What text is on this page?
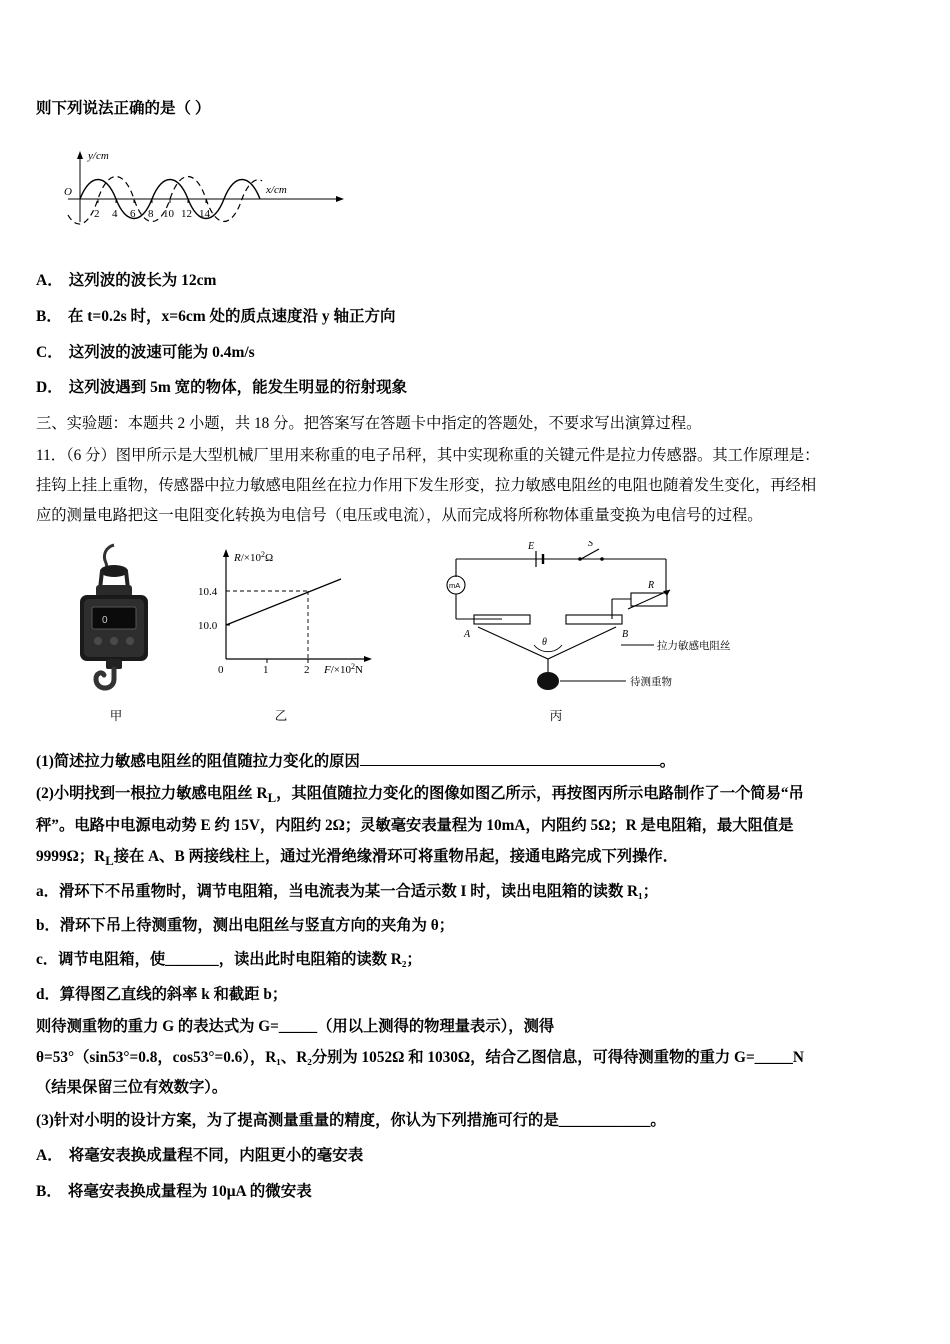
则下列说法正确的是（ ）
y/cm
x/cm
O
2 4 6 8 10 12 14
A． 这列波的波长为 12cm
B． 在 t=0.2s 时，x=6cm 处的质点速度沿 y 轴正方向
C． 这列波的波速可能为 0.4m/s
D． 这列波遇到 5m 宽的物体，能发生明显的衍射现象
三、实验题：本题共 2 小题，共 18 分。把答案写在答题卡中指定的答题处，不要求写出演算过程。
11．（6 分）图甲所示是大型机械厂里用来称重的电子吊秤，其中实现称重的关键元件是拉力传感器。其工作原理是：
挂钩上挂上重物，传感器中拉力敏感电阻丝在拉力作用下发生形变，拉力敏感电阻丝的电阻也随着发生变化，再经相
应的测量电路把这一电阻变化转换为电信号（电压或电流），从而完成将所称物体重量变换为电信号的过程。
0
甲
$R/\times 10^2\Omega$
10.4
10.0
0	1	2 $F/\times 10^2N$
乙
mA
E	S
R
A	B
θ	拉力敏感电阻丝
待测重物
丙
(1)简述拉力敏感电阻丝的阻值随拉力变化的原因	。
(2)小明找到一根拉力敏感电阻丝 $R_L$，其阻值随拉力变化的图像如图乙所示，再按图丙所示电路制作了一个简易“吊
秤”。电路中电源电动势 E 约 15V，内阻约 2Ω；灵敏毫安表量程为 10mA，内阻约 5Ω；R 是电阻箱，最大阻值是
9999Ω；$R_L$接在 A、B 两接线柱上，通过光滑绝缘滑环可将重物吊起，接通电路完成下列操作．
a．滑环下不吊重物时，调节电阻箱，当电流表为某一合适示数 I 时，读出电阻箱的读数 R₁；
b．滑环下吊上待测重物，测出电阻丝与竖直方向的夹角为 θ；
c．调节电阻箱，使_______，读出此时电阻箱的读数 R₂；
d．算得图乙直线的斜率 k 和截距 b；
则待测重物的重力 G 的表达式为 G=_____（用以上测得的物理量表示），测得
θ=53°（sin53°=0.8，cos53°=0.6），R₁、R₂分别为 1052Ω 和 1030Ω，结合乙图信息，可得待测重物的重力 G=_____N
（结果保留三位有效数字）。
(3)针对小明的设计方案，为了提高测量重量的精度，你认为下列措施可行的是____________。
A． 将毫安表换成量程不同，内阻更小的毫安表
B． 将毫安表换成量程为 10μA 的微安表
